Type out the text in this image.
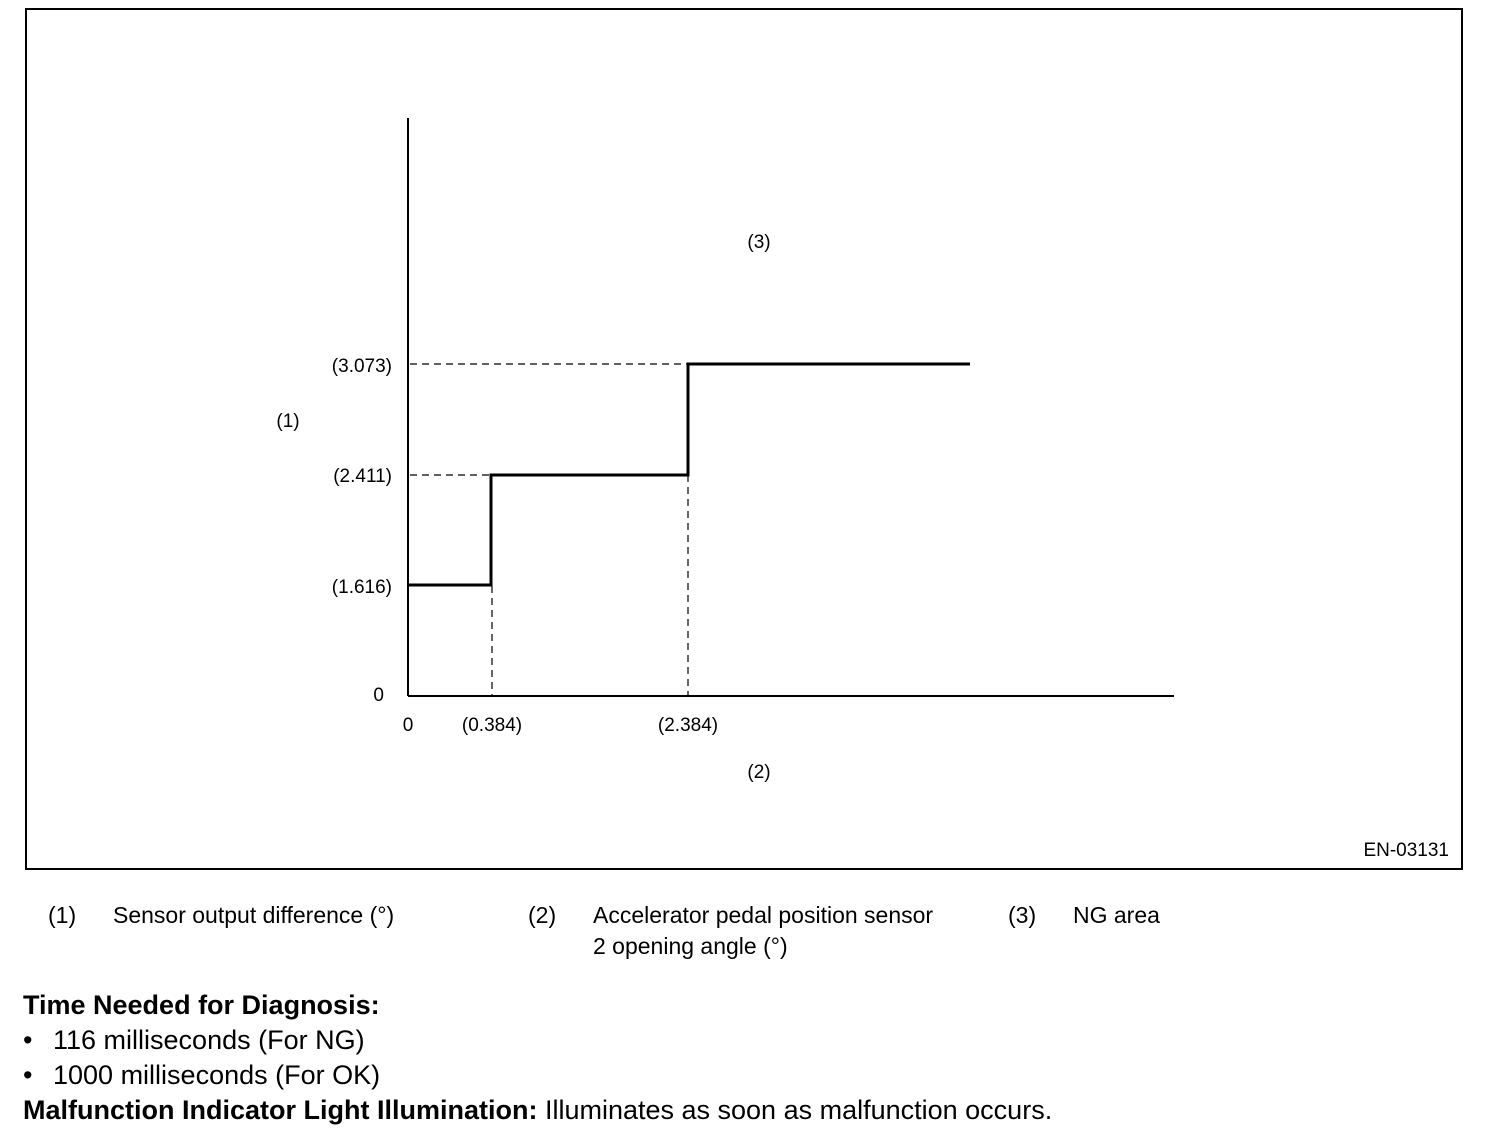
EN-03131
(3.073)
(2.411)
(1.616)
0
0	(0.384)	(2.384)
(1)
(2)
(3)
(1) Sensor output difference (°)	(2) Accelerator pedal position sensor
2 opening angle (°)
(3) NG area

Time Needed for Diagnosis:
• 116 milliseconds (For NG)
• 1000 milliseconds (For OK)
Malfunction Indicator Light Illumination: Illuminates as soon as malfunction occurs.
